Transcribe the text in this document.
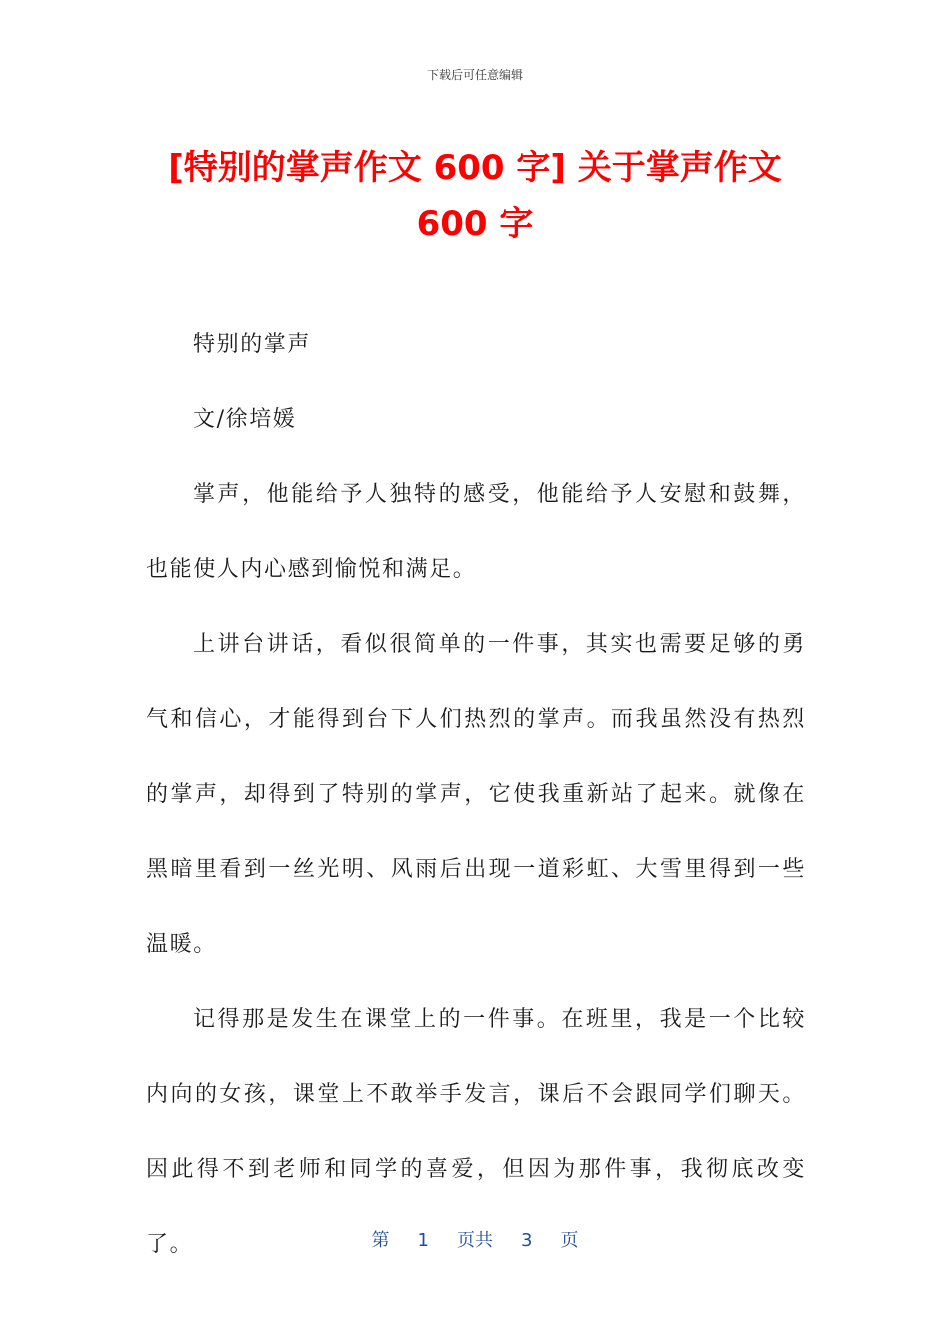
下载后可任意编辑
[特别的掌声作文 600 字] 关于掌声作文 600 字

特别的掌声

文/徐培媛

掌声，他能给予人独特的感受，他能给予人安慰和鼓舞，也能使人内心感到愉悦和满足。

上讲台讲话，看似很简单的一件事，其实也需要足够的勇气和信心，才能得到台下人们热烈的掌声。而我虽然没有热烈的掌声，却得到了特别的掌声，它使我重新站了起来。就像在黑暗里看到一丝光明、风雨后出现一道彩虹、大雪里得到一些温暖。

记得那是发生在课堂上的一件事。在班里，我是一个比较内向的女孩，课堂上不敢举手发言，课后不会跟同学们聊天。因此得不到老师和同学的喜爱，但因为那件事，我彻底改变了。	第 1 页共 3 页
